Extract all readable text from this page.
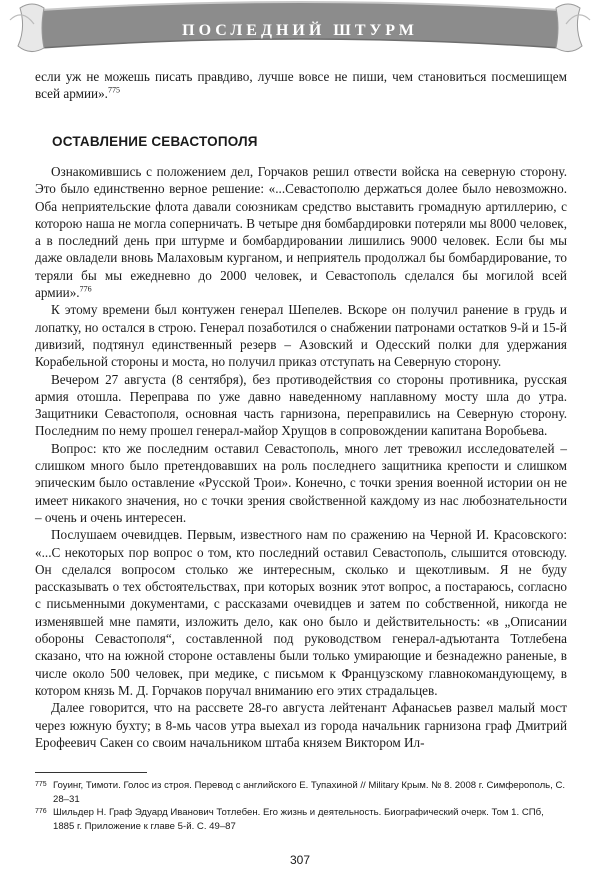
ПОСЛЕДНИЙ ШТУРМ

если уж не можешь писать правдиво, лучше вовсе не пиши, чем становиться посмешищем всей армии».$^{775}$

ОСТАВЛЕНИЕ СЕВАСТОПОЛЯ

Ознакомившись с положением дел, Горчаков решил отвести войска на северную сторону. Это было единственно верное решение: «...Севастополю держаться долее было невозможно. Оба неприятельские флота давали союзникам средство выставить громадную артиллерию, с которою наша не могла соперничать. В четыре дня бомбардировки потеряли мы 8000 человек, а в последний день при штурме и бомбардировании лишились 9000 человек. Если бы мы даже овладели вновь Малаховым курганом, и неприятель продолжал бы бомбардирование, то теряли бы мы ежедневно до 2000 человек, и Севастополь сделался бы могилой всей армии».$^{776}$

К этому времени был контужен генерал Шепелев. Вскоре он получил ранение в грудь и лопатку, но остался в строю. Генерал позаботился о снабжении патронами остатков 9-й и 15-й дивизий, подтянул единственный резерв – Азовский и Одесский полки для удержания Корабельной стороны и моста, но получил приказ отступать на Северную сторону.

Вечером 27 августа (8 сентября), без противодействия со стороны противника, русская армия отошла. Переправа по уже давно наведенному наплавному мосту шла до утра. Защитники Севастополя, основная часть гарнизона, переправились на Северную сторону. Последним по нему прошел генерал-майор Хрущов в сопровождении капитана Воробьева.

Вопрос: кто же последним оставил Севастополь, много лет тревожил исследователей – слишком много было претендовавших на роль последнего защитника крепости и слишком эпическим было оставление «Русской Трои». Конечно, с точки зрения военной истории он не имеет никакого значения, но с точки зрения свойственной каждому из нас любознательности – очень и очень интересен.

Послушаем очевидцев. Первым, известного нам по сражению на Черной И. Красовского: «...С некоторых пор вопрос о том, кто последний оставил Севастополь, слышится отовсюду. Он сделался вопросом столько же интересным, сколько и щекотливым. Я не буду рассказывать о тех обстоятельствах, при которых возник этот вопрос, а постараюсь, согласно с письменными документами, с рассказами очевидцев и затем по собственной, никогда не изменявшей мне памяти, изложить дело, как оно было и действительность: «в „Описании обороны Севастополя“, составленной под руководством генерал-адъютанта Тотлебена сказано, что на южной стороне оставлены были только умирающие и безнадежно раненые, в числе около 500 человек, при медике, с письмом к Французскому главнокомандующему, в котором князь М. Д. Горчаков поручал вниманию его этих страдальцев.

Далее говорится, что на рассвете 28-го августа лейтенант Афанасьев развел малый мост через южную бухту; в 8-мь часов утра выехал из города начальник гарнизона граф Дмитрий Ерофеевич Сакен со своим начальником штаба князем Виктором Ил-

775 Гоуинг, Тимоти. Голос из строя. Перевод с английского Е. Тупахиной // Military Крым. № 8. 2008 г. Симферополь, С. 28–31
776 Шильдер Н. Граф Эдуард Иванович Тотлебен. Его жизнь и деятельность. Биографический очерк. Том 1. СПб, 1885 г. Приложение к главе 5-й. С. 49–87
307
